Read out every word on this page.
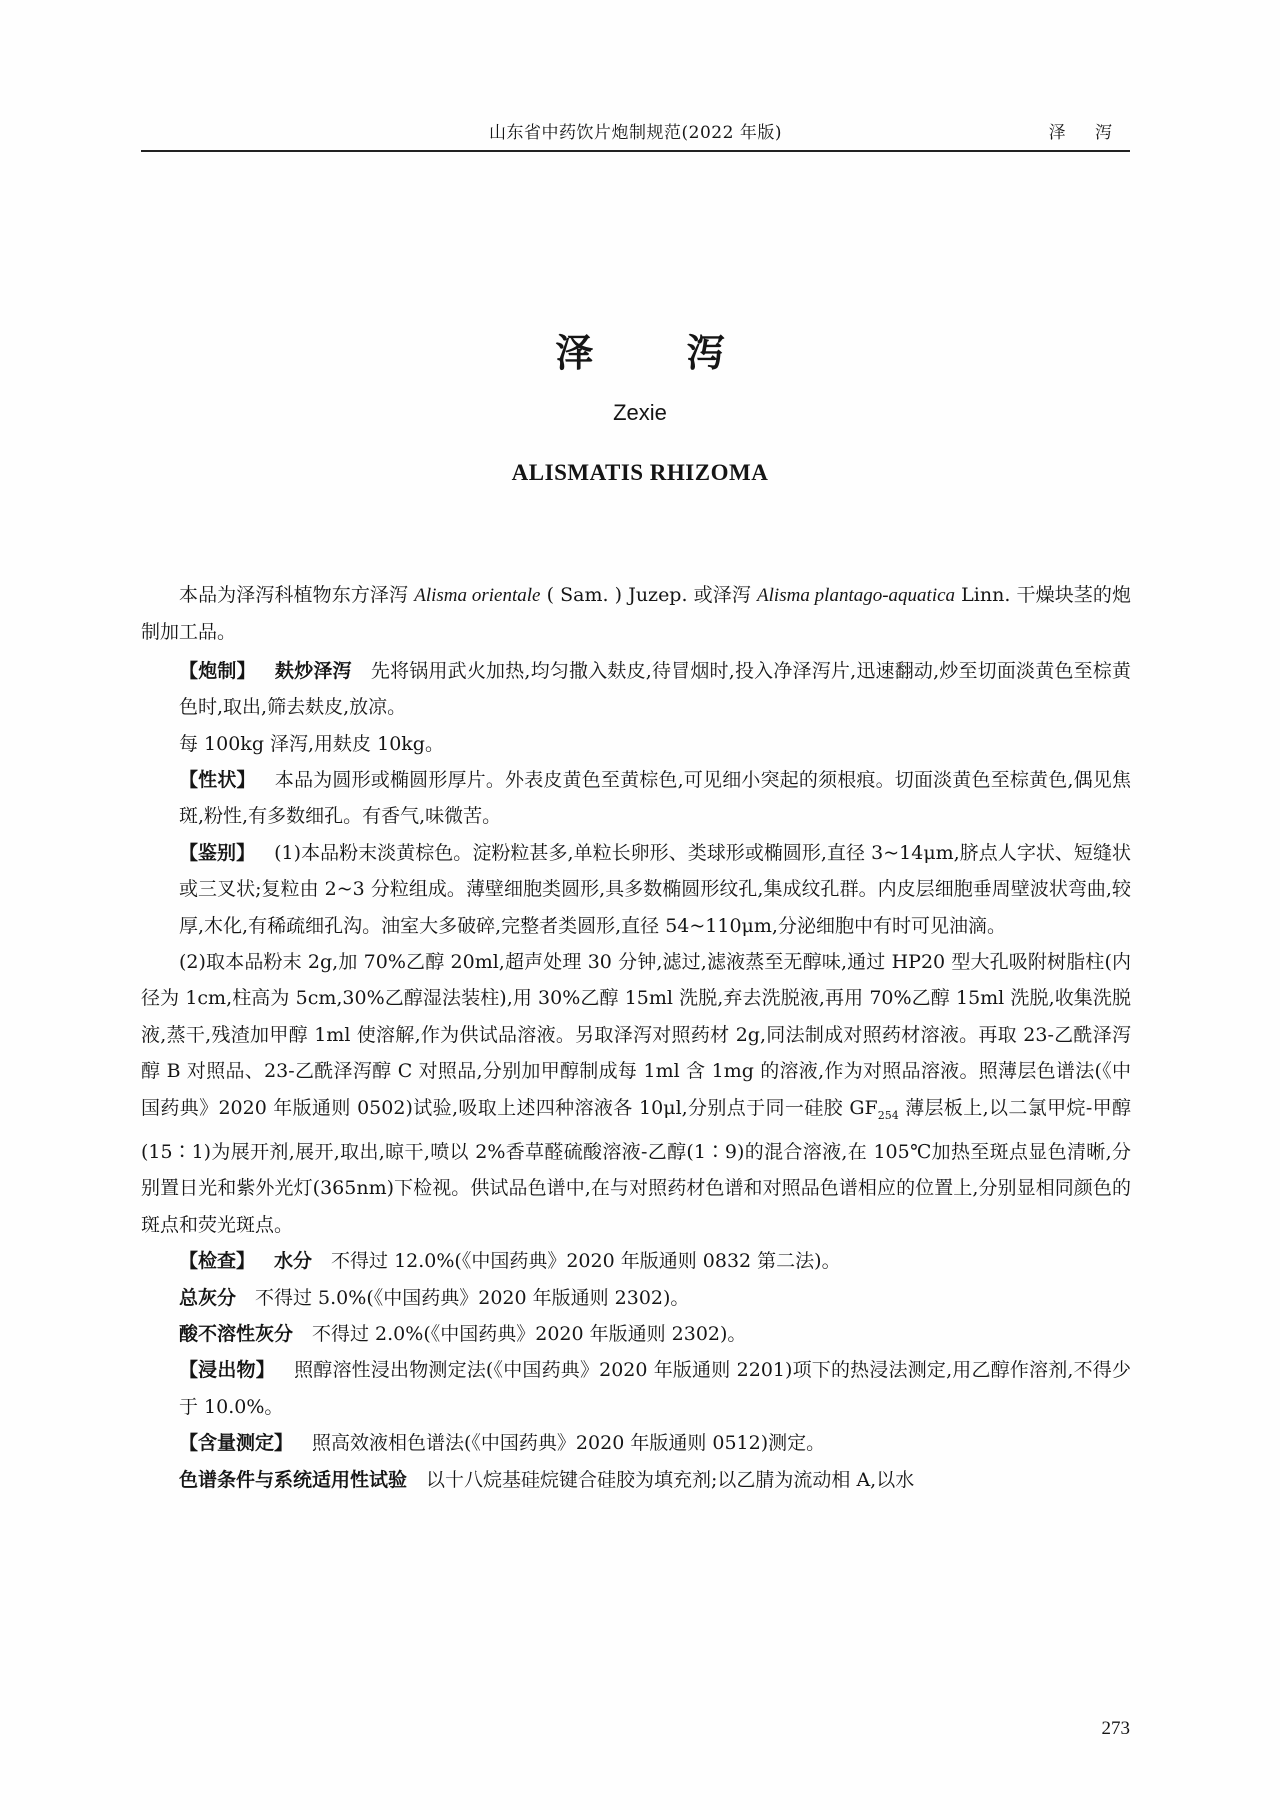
山东省中药饮片炮制规范(2022 年版)	泽 泻
泽 泻
Zexie
ALISMATIS RHIZOMA

本品为泽泻科植物东方泽泻 Alisma orientale ( Sam. ) Juzep. 或泽泻 Alisma plantago-aquatica Linn. 干燥块茎的炮制加工品。

【炮制】 麸炒泽泻 先将锅用武火加热,均匀撒入麸皮,待冒烟时,投入净泽泻片,迅速翻动,炒至切面淡黄色至棕黄色时,取出,筛去麸皮,放凉。

每 100kg 泽泻,用麸皮 10kg。

【性状】 本品为圆形或椭圆形厚片。外表皮黄色至黄棕色,可见细小突起的须根痕。切面淡黄色至棕黄色,偶见焦斑,粉性,有多数细孔。有香气,味微苦。

【鉴别】 (1)本品粉末淡黄棕色。淀粉粒甚多,单粒长卵形、类球形或椭圆形,直径 3~14μm,脐点人字状、短缝状或三叉状;复粒由 2~3 分粒组成。薄壁细胞类圆形,具多数椭圆形纹孔,集成纹孔群。内皮层细胞垂周壁波状弯曲,较厚,木化,有稀疏细孔沟。油室大多破碎,完整者类圆形,直径 54~110μm,分泌细胞中有时可见油滴。

(2)取本品粉末 2g,加 70%乙醇 20ml,超声处理 30 分钟,滤过,滤液蒸至无醇味,通过 HP20 型大孔吸附树脂柱(内径为 1cm,柱高为 5cm,30%乙醇湿法装柱),用 30%乙醇 15ml 洗脱,弃去洗脱液,再用 70%乙醇 15ml 洗脱,收集洗脱液,蒸干,残渣加甲醇 1ml 使溶解,作为供试品溶液。另取泽泻对照药材 2g,同法制成对照药材溶液。再取 23-乙酰泽泻醇 B 对照品、23-乙酰泽泻醇 C 对照品,分别加甲醇制成每 1ml 含 1mg 的溶液,作为对照品溶液。照薄层色谱法(《中国药典》2020 年版通则 0502)试验,吸取上述四种溶液各 10μl,分别点于同一硅胶 $GF_{254}$ 薄层板上,以二氯甲烷-甲醇(15∶1)为展开剂,展开,取出,晾干,喷以 2%香草醛硫酸溶液-乙醇(1∶9)的混合溶液,在 105℃加热至斑点显色清晰,分别置日光和紫外光灯(365nm)下检视。供试品色谱中,在与对照药材色谱和对照品色谱相应的位置上,分别显相同颜色的斑点和荧光斑点。

【检查】 水分 不得过 12.0%(《中国药典》2020 年版通则 0832 第二法)。

总灰分 不得过 5.0%(《中国药典》2020 年版通则 2302)。

酸不溶性灰分 不得过 2.0%(《中国药典》2020 年版通则 2302)。

【浸出物】 照醇溶性浸出物测定法(《中国药典》2020 年版通则 2201)项下的热浸法测定,用乙醇作溶剂,不得少于 10.0%。

【含量测定】 照高效液相色谱法(《中国药典》2020 年版通则 0512)测定。

色谱条件与系统适用性试验 以十八烷基硅烷键合硅胶为填充剂;以乙腈为流动相 A,以水

273
